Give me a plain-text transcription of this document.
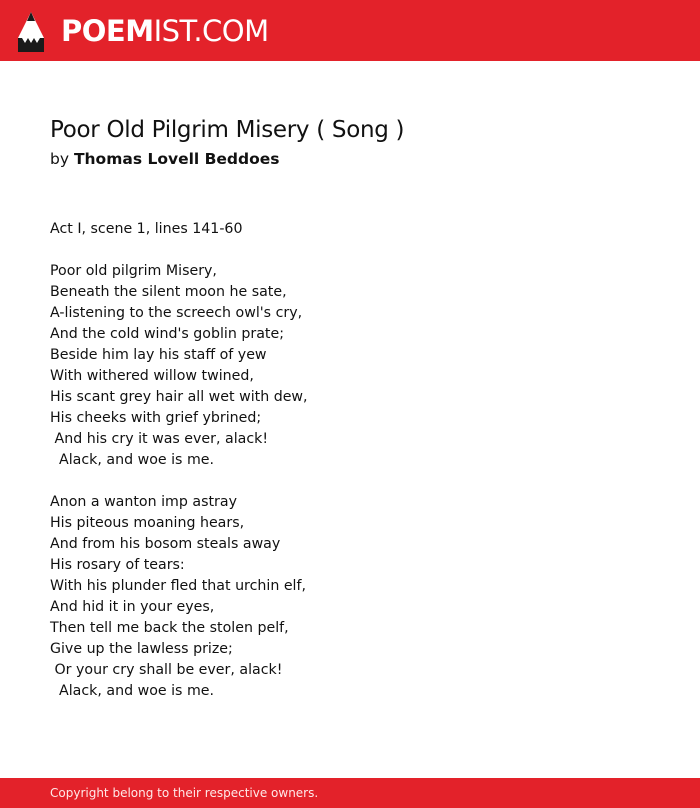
POEMIST.COM
Poor Old Pilgrim Misery ( Song )
by Thomas Lovell Beddoes
Act I, scene 1, lines 141-60

Poor old pilgrim Misery,
Beneath the silent moon he sate,
A-listening to the screech owl's cry,
And the cold wind's goblin prate;
Beside him lay his staff of yew
With withered willow twined,
His scant grey hair all wet with dew,
His cheeks with grief ybrined;
And his cry it was ever, alack!
Alack, and woe is me.

Anon a wanton imp astray
His piteous moaning hears,
And from his bosom steals away
His rosary of tears:
With his plunder fled that urchin elf,
And hid it in your eyes,
Then tell me back the stolen pelf,
Give up the lawless prize;
Or your cry shall be ever, alack!
Alack, and woe is me.
Copyright belong to their respective owners.
